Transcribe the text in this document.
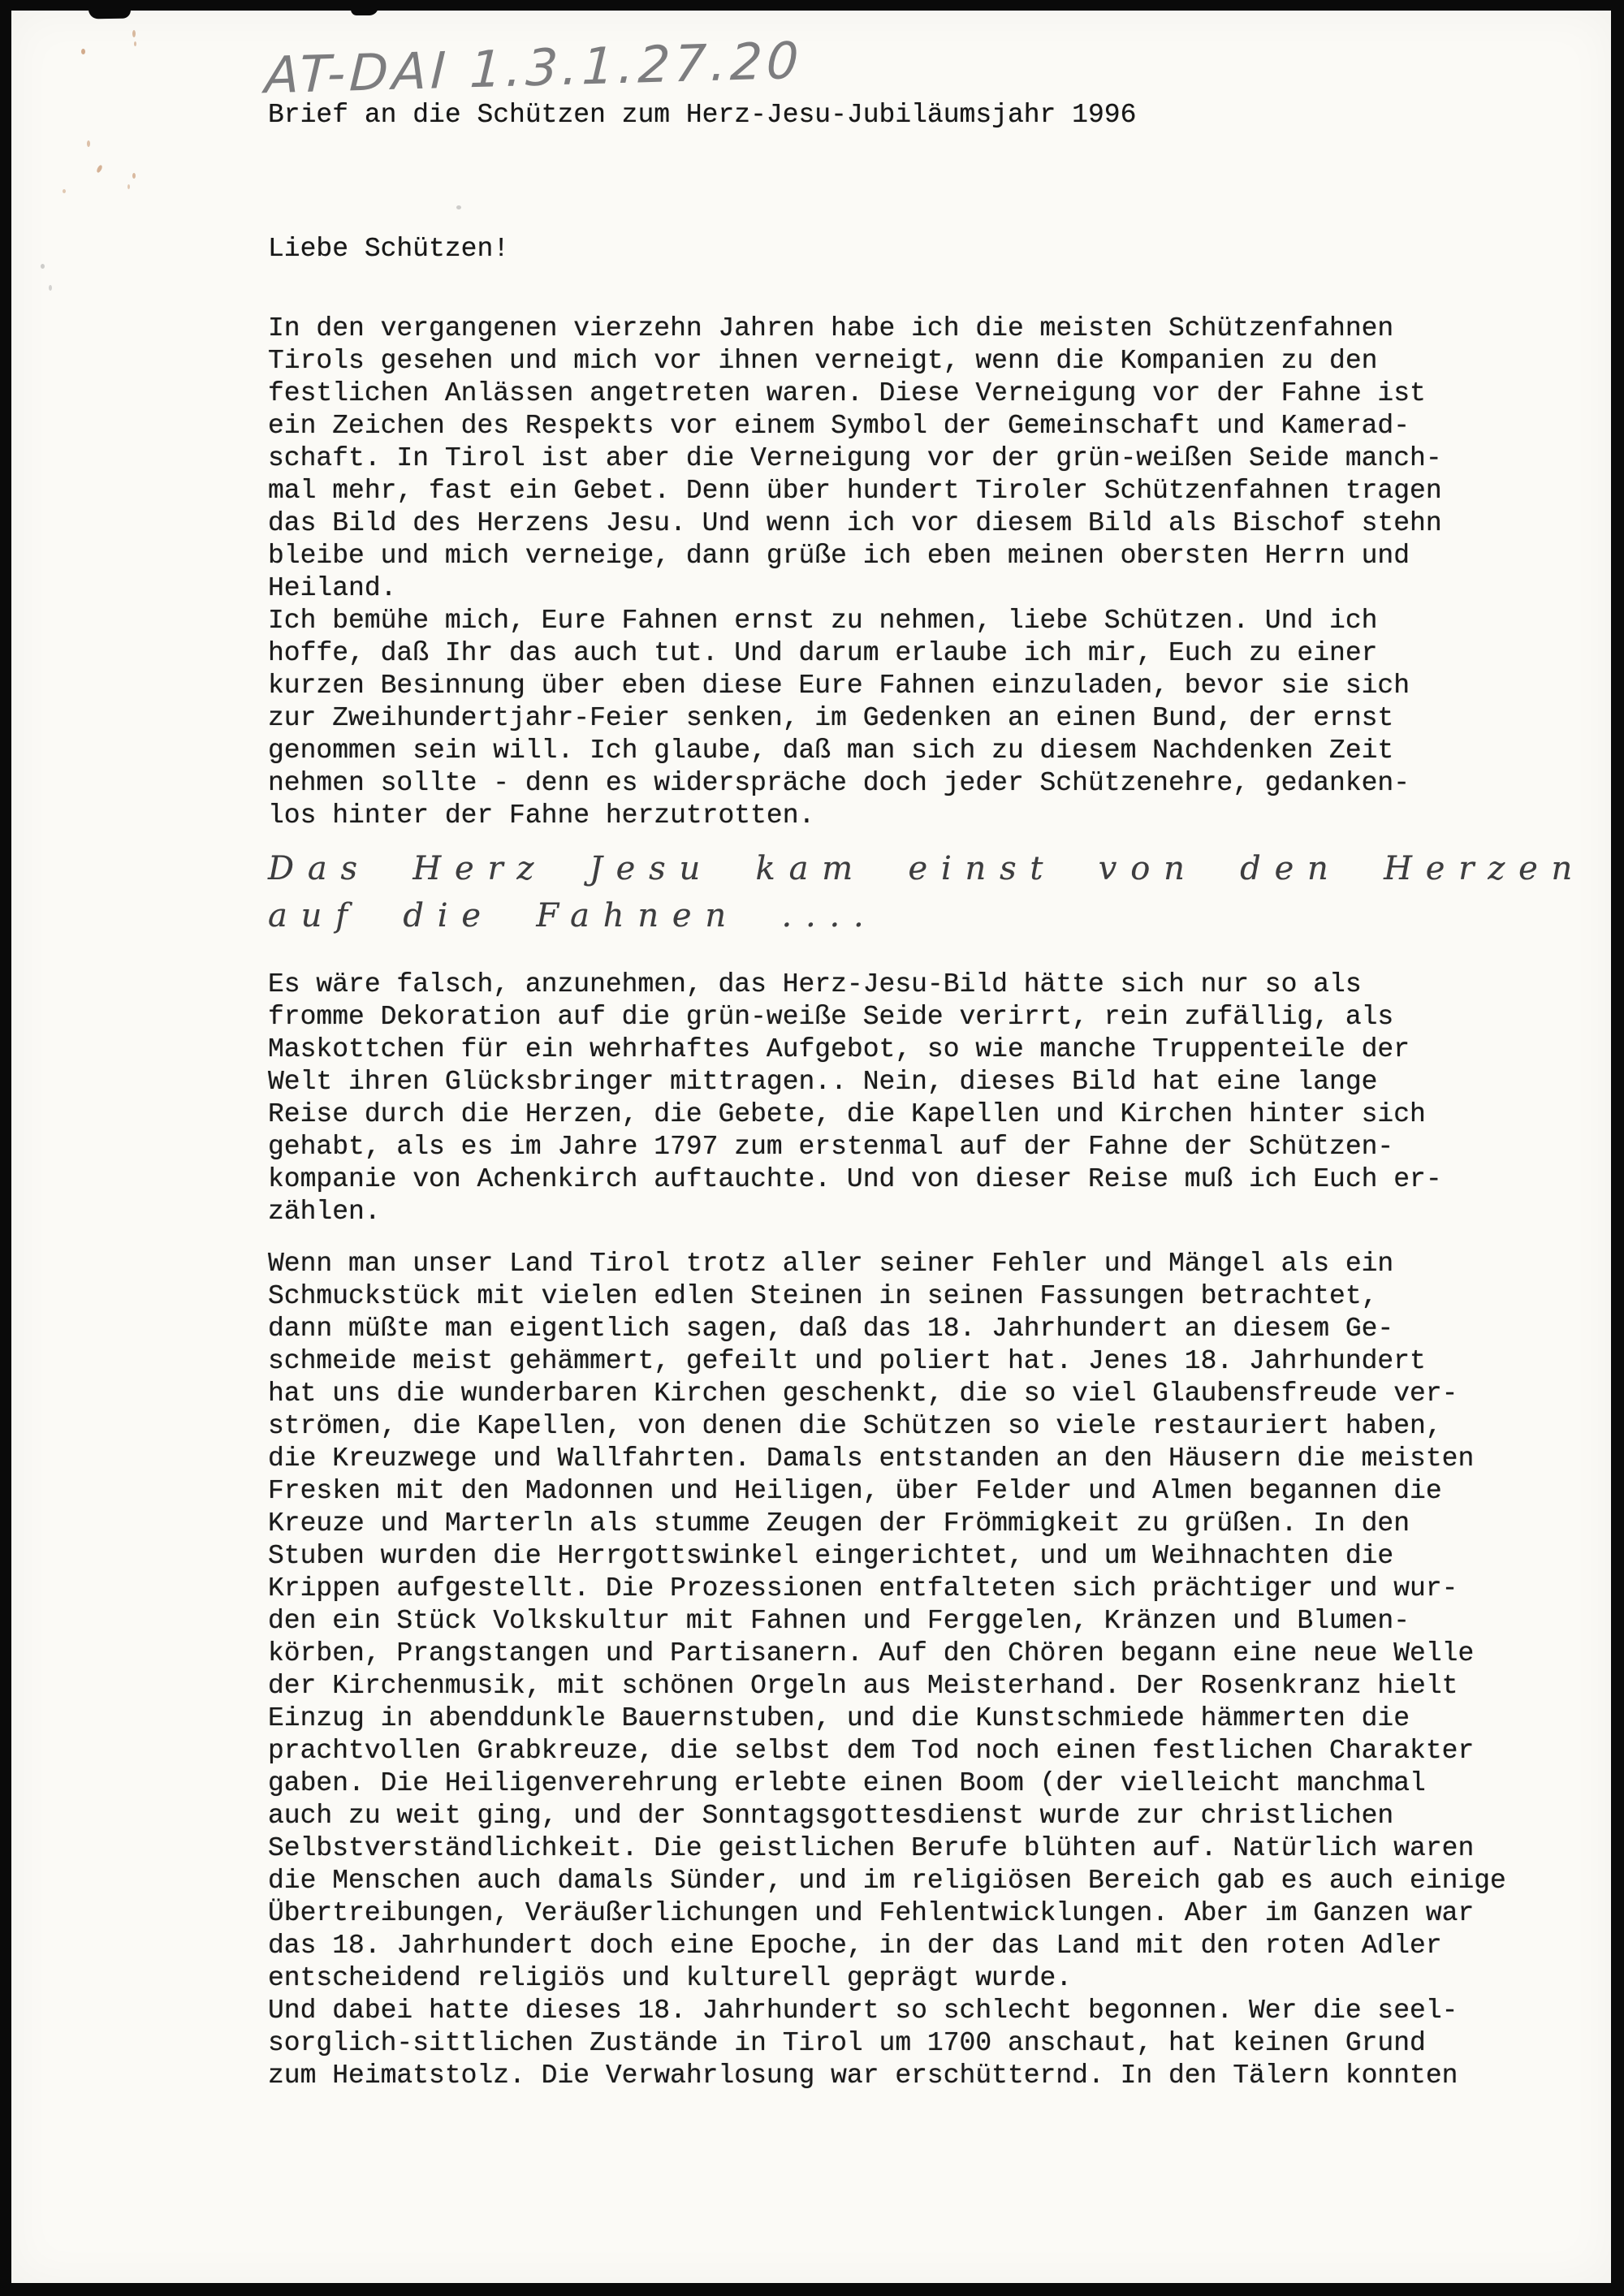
AT-DAI 1.3.1.27.20
Brief an die Schützen zum Herz-Jesu-Jubiläumsjahr 1996
Liebe Schützen!
In den vergangenen vierzehn Jahren habe ich die meisten Schützenfahnen
Tirols gesehen und mich vor ihnen verneigt, wenn die Kompanien zu den
festlichen Anlässen angetreten waren. Diese Verneigung vor der Fahne ist
ein Zeichen des Respekts vor einem Symbol der Gemeinschaft und Kamerad-
schaft. In Tirol ist aber die Verneigung vor der grün-weißen Seide manch-
mal mehr, fast ein Gebet. Denn über hundert Tiroler Schützenfahnen tragen
das Bild des Herzens Jesu. Und wenn ich vor diesem Bild als Bischof stehn
bleibe und mich verneige, dann grüße ich eben meinen obersten Herrn und
Heiland.
Ich bemühe mich, Eure Fahnen ernst zu nehmen, liebe Schützen. Und ich
hoffe, daß Ihr das auch tut. Und darum erlaube ich mir, Euch zu einer
kurzen Besinnung über eben diese Eure Fahnen einzuladen, bevor sie sich
zur Zweihundertjahr-Feier senken, im Gedenken an einen Bund, der ernst
genommen sein will. Ich glaube, daß man sich zu diesem Nachdenken Zeit
nehmen sollte - denn es widerspräche doch jeder Schützenehre, gedanken-
los hinter der Fahne herzutrotten.
Das Herz Jesu kam einst von den Herzen
auf die Fahnen ....
Es wäre falsch, anzunehmen, das Herz-Jesu-Bild hätte sich nur so als
fromme Dekoration auf die grün-weiße Seide verirrt, rein zufällig, als
Maskottchen für ein wehrhaftes Aufgebot, so wie manche Truppenteile der
Welt ihren Glücksbringer mittragen.. Nein, dieses Bild hat eine lange
Reise durch die Herzen, die Gebete, die Kapellen und Kirchen hinter sich
gehabt, als es im Jahre 1797 zum erstenmal auf der Fahne der Schützen-
kompanie von Achenkirch auftauchte. Und von dieser Reise muß ich Euch er-
zählen.
Wenn man unser Land Tirol trotz aller seiner Fehler und Mängel als ein
Schmuckstück mit vielen edlen Steinen in seinen Fassungen betrachtet,
dann müßte man eigentlich sagen, daß das 18. Jahrhundert an diesem Ge-
schmeide meist gehämmert, gefeilt und poliert hat. Jenes 18. Jahrhundert
hat uns die wunderbaren Kirchen geschenkt, die so viel Glaubensfreude ver-
strömen, die Kapellen, von denen die Schützen so viele restauriert haben,
die Kreuzwege und Wallfahrten. Damals entstanden an den Häusern die meisten
Fresken mit den Madonnen und Heiligen, über Felder und Almen begannen die
Kreuze und Marterln als stumme Zeugen der Frömmigkeit zu grüßen. In den
Stuben wurden die Herrgottswinkel eingerichtet, und um Weihnachten die
Krippen aufgestellt. Die Prozessionen entfalteten sich prächtiger und wur-
den ein Stück Volkskultur mit Fahnen und Ferggelen, Kränzen und Blumen-
körben, Prangstangen und Partisanern. Auf den Chören begann eine neue Welle
der Kirchenmusik, mit schönen Orgeln aus Meisterhand. Der Rosenkranz hielt
Einzug in abenddunkle Bauernstuben, und die Kunstschmiede hämmerten die
prachtvollen Grabkreuze, die selbst dem Tod noch einen festlichen Charakter
gaben. Die Heiligenverehrung erlebte einen Boom (der vielleicht manchmal
auch zu weit ging, und der Sonntagsgottesdienst wurde zur christlichen
Selbstverständlichkeit. Die geistlichen Berufe blühten auf. Natürlich waren
die Menschen auch damals Sünder, und im religiösen Bereich gab es auch einige
Übertreibungen, Veräußerlichungen und Fehlentwicklungen. Aber im Ganzen war
das 18. Jahrhundert doch eine Epoche, in der das Land mit den roten Adler
entscheidend religiös und kulturell geprägt wurde.
Und dabei hatte dieses 18. Jahrhundert so schlecht begonnen. Wer die seel-
sorglich-sittlichen Zustände in Tirol um 1700 anschaut, hat keinen Grund
zum Heimatstolz. Die Verwahrlosung war erschütternd. In den Tälern konnten
